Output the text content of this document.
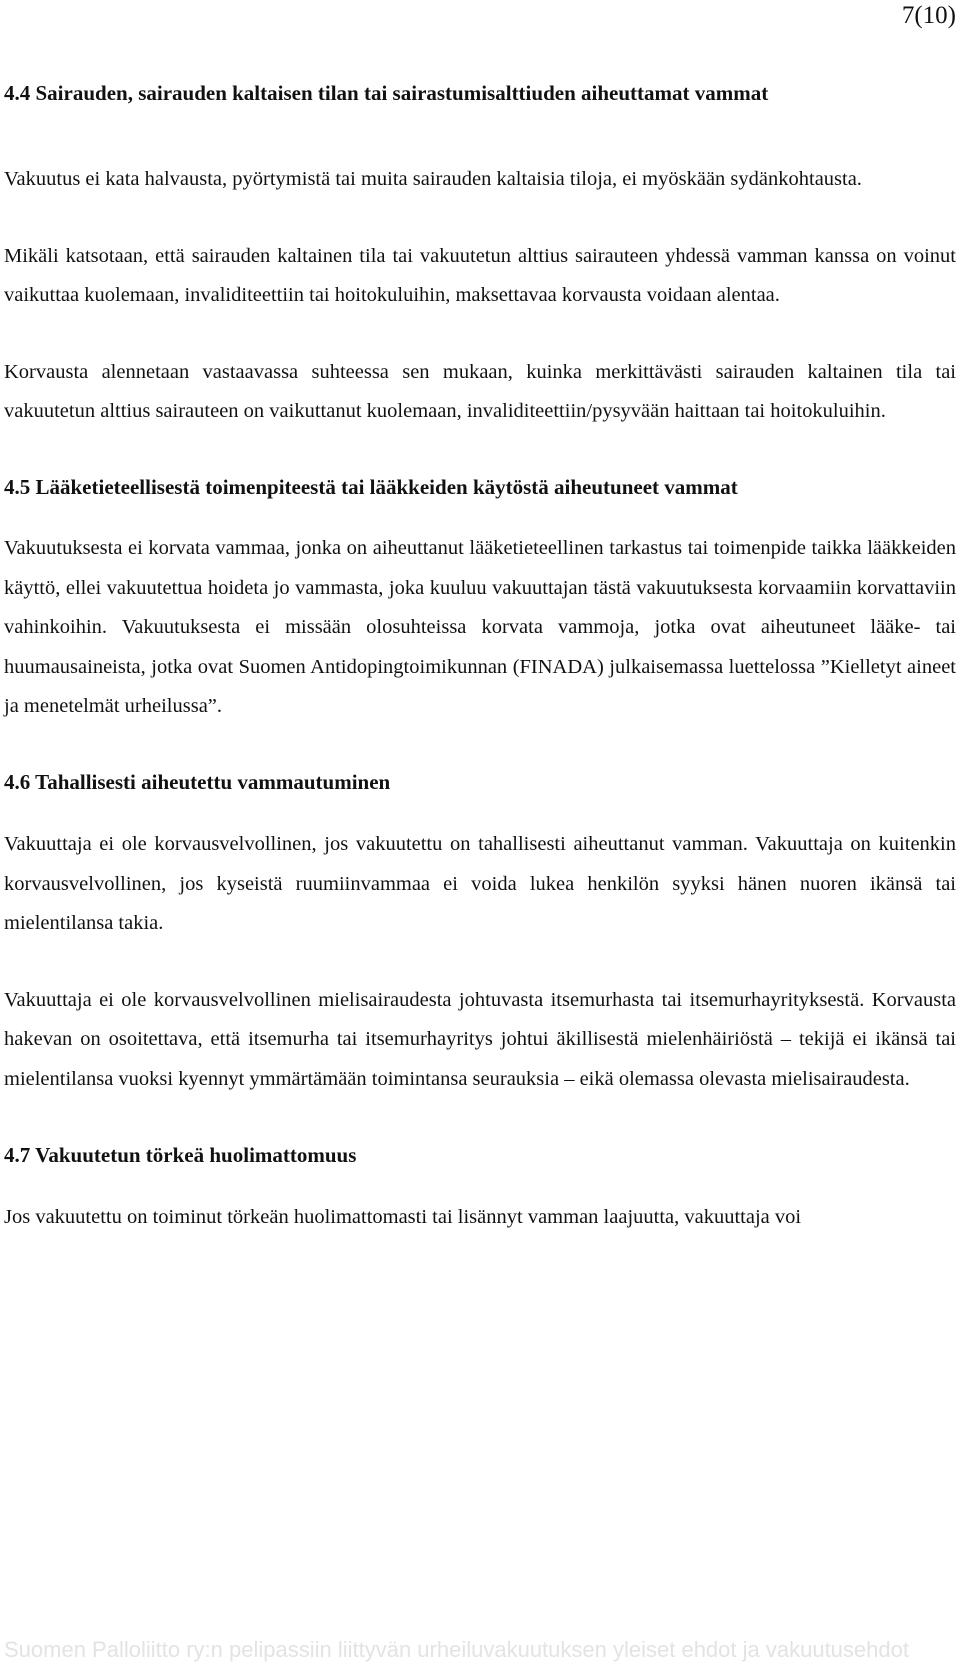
7(10)
4.4 Sairauden, sairauden kaltaisen tilan tai sairastumisalttiuden aiheuttamat vammat

Vakuutus ei kata halvausta, pyörtymistä tai muita sairauden kaltaisia tiloja, ei myöskään sydänkohtausta.

Mikäli katsotaan, että sairauden kaltainen tila tai vakuutetun alttius sairauteen yhdessä vamman kanssa on voinut vaikuttaa kuolemaan, invaliditeettiin tai hoitokuluihin, maksettavaa korvausta voidaan alentaa.

Korvausta alennetaan vastaavassa suhteessa sen mukaan, kuinka merkittävästi sairauden kaltainen tila tai vakuutetun alttius sairauteen on vaikuttanut kuolemaan, invaliditeettiin/pysyvään haittaan tai hoitokuluihin.

4.5 Lääketieteellisestä toimenpiteestä tai lääkkeiden käytöstä aiheutuneet vammat

Vakuutuksesta ei korvata vammaa, jonka on aiheuttanut lääketieteellinen tarkastus tai toimenpide taikka lääkkeiden käyttö, ellei vakuutettua hoideta jo vammasta, joka kuuluu vakuuttajan tästä vakuutuksesta korvaamiin korvattaviin vahinkoihin. Vakuutuksesta ei missään olosuhteissa korvata vammoja, jotka ovat aiheutuneet lääke- tai huumausaineista, jotka ovat Suomen Antidopingtoimikunnan (FINADA) julkaisemassa luettelossa ”Kielletyt aineet ja menetelmät urheilussa”.

4.6 Tahallisesti aiheutettu vammautuminen

Vakuuttaja ei ole korvausvelvollinen, jos vakuutettu on tahallisesti aiheuttanut vamman. Vakuuttaja on kuitenkin korvausvelvollinen, jos kyseistä ruumiinvammaa ei voida lukea henkilön syyksi hänen nuoren ikänsä tai mielentilansa takia.

Vakuuttaja ei ole korvausvelvollinen mielisairaudesta johtuvasta itsemurhasta tai itsemurhayrityksestä. Korvausta hakevan on osoitettava, että itsemurha tai itsemurhayritys johtui äkillisestä mielenhäiriöstä – tekijä ei ikänsä tai mielentilansa vuoksi kyennyt ymmärtämään toimintansa seurauksia – eikä olemassa olevasta mielisairaudesta.

4.7 Vakuutetun törkeä huolimattomuus

Jos vakuutettu on toiminut törkeän huolimattomasti tai lisännyt vamman laajuutta, vakuuttaja voi

Suomen Palloliitto ry:n pelipassiin liittyvän urheiluvakuutuksen yleiset ehdot ja vakuutusehdot
